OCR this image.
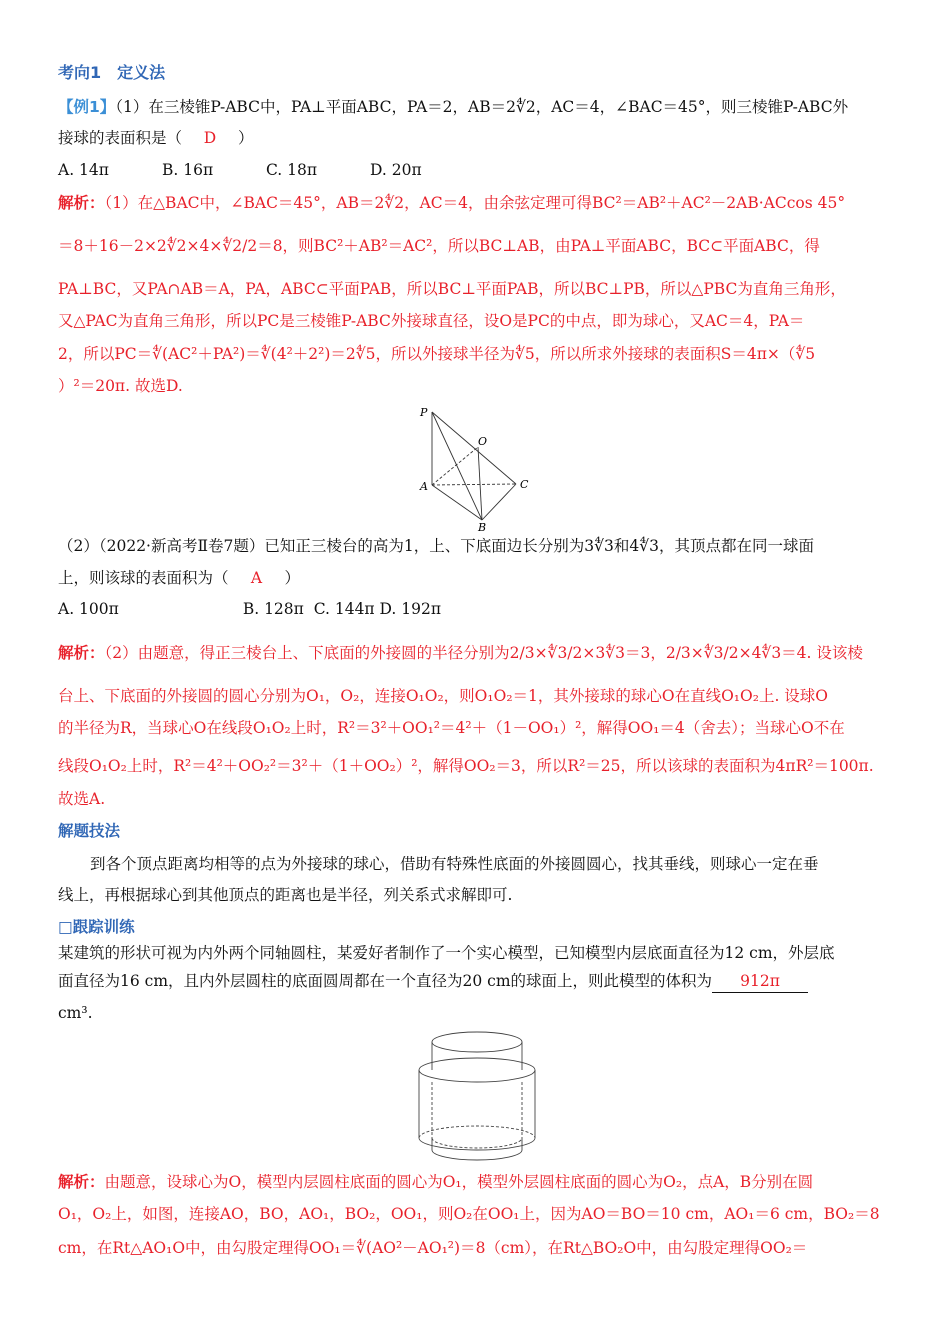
考向1　定义法
【例1】（1）在三棱锥P-ABC中，PA⊥平面ABC，PA＝2，AB＝2∜2，AC＝4，∠BAC＝45°，则三棱锥P-ABC外
接球的表面积是（ D ）
A. 14π	B. 16π	C. 18π	D. 20π
解析：（1）在△BAC中，∠BAC＝45°，AB＝2∜2，AC＝4，由余弦定理可得BC²＝AB²＋AC²－2AB·ACcos 45°
＝8＋16－2×2∜2×4×∜2/2＝8，则BC²＋AB²＝AC²，所以BC⊥AB，由PA⊥平面ABC，BC⊂平面ABC，得
PA⊥BC，又PA∩AB＝A，PA，ABC⊂平面PAB，所以BC⊥平面PAB，所以BC⊥PB，所以△PBC为直角三角形，
又△PAC为直角三角形，所以PC是三棱锥P-ABC外接球直径，设O是PC的中点，即为球心，又AC＝4，PA＝
2，所以PC＝∜(AC²＋PA²)＝∜(4²＋2²)＝2∜5，所以外接球半径为∜5，所以所求外接球的表面积S＝4π×（∜5
）²＝20π. 故选D.
P
O
A
B
C
（2）（2022·新高考Ⅱ卷7题）已知正三棱台的高为1，上、下底面边长分别为3∜3和4∜3，其顶点都在同一球面
上，则该球的表面积为（ A ）
A. 100π　　　　　　　　B. 128π  C. 144π D. 192π
解析：（2）由题意，得正三棱台上、下底面的外接圆的半径分别为2/3×∜3/2×3∜3＝3，2/3×∜3/2×4∜3＝4. 设该棱
台上、下底面的外接圆的圆心分别为O₁，O₂，连接O₁O₂，则O₁O₂＝1，其外接球的球心O在直线O₁O₂上. 设球O
的半径为R，当球心O在线段O₁O₂上时，R²＝3²＋OO₁²＝4²＋（1－OO₁）²，解得OO₁＝4（舍去）；当球心O不在
线段O₁O₂上时，R²＝4²＋OO₂²＝3²＋（1＋OO₂）²，解得OO₂＝3，所以R²＝25，所以该球的表面积为4πR²＝100π.
故选A.
解题技法
到各个顶点距离均相等的点为外接球的球心，借助有特殊性底面的外接圆圆心，找其垂线，则球心一定在垂
线上，再根据球心到其他顶点的距离也是半径，列关系式求解即可.
□跟踪训练
某建筑的形状可视为内外两个同轴圆柱，某爱好者制作了一个实心模型，已知模型内层底面直径为12 cm，外层底
面直径为16 cm，且内外层圆柱的底面圆周都在一个直径为20 cm的球面上，则此模型的体积为 912π
cm³.
解析：由题意，设球心为O，模型内层圆柱底面的圆心为O₁，模型外层圆柱底面的圆心为O₂，点A，B分别在圆
O₁，O₂上，如图，连接AO，BO，AO₁，BO₂，OO₁，则O₂在OO₁上，因为AO＝BO＝10 cm，AO₁＝6 cm，BO₂＝8
cm，在Rt△AO₁O中，由勾股定理得OO₁＝∜(AO²－AO₁²)＝8（cm），在Rt△BO₂O中，由勾股定理得OO₂＝
